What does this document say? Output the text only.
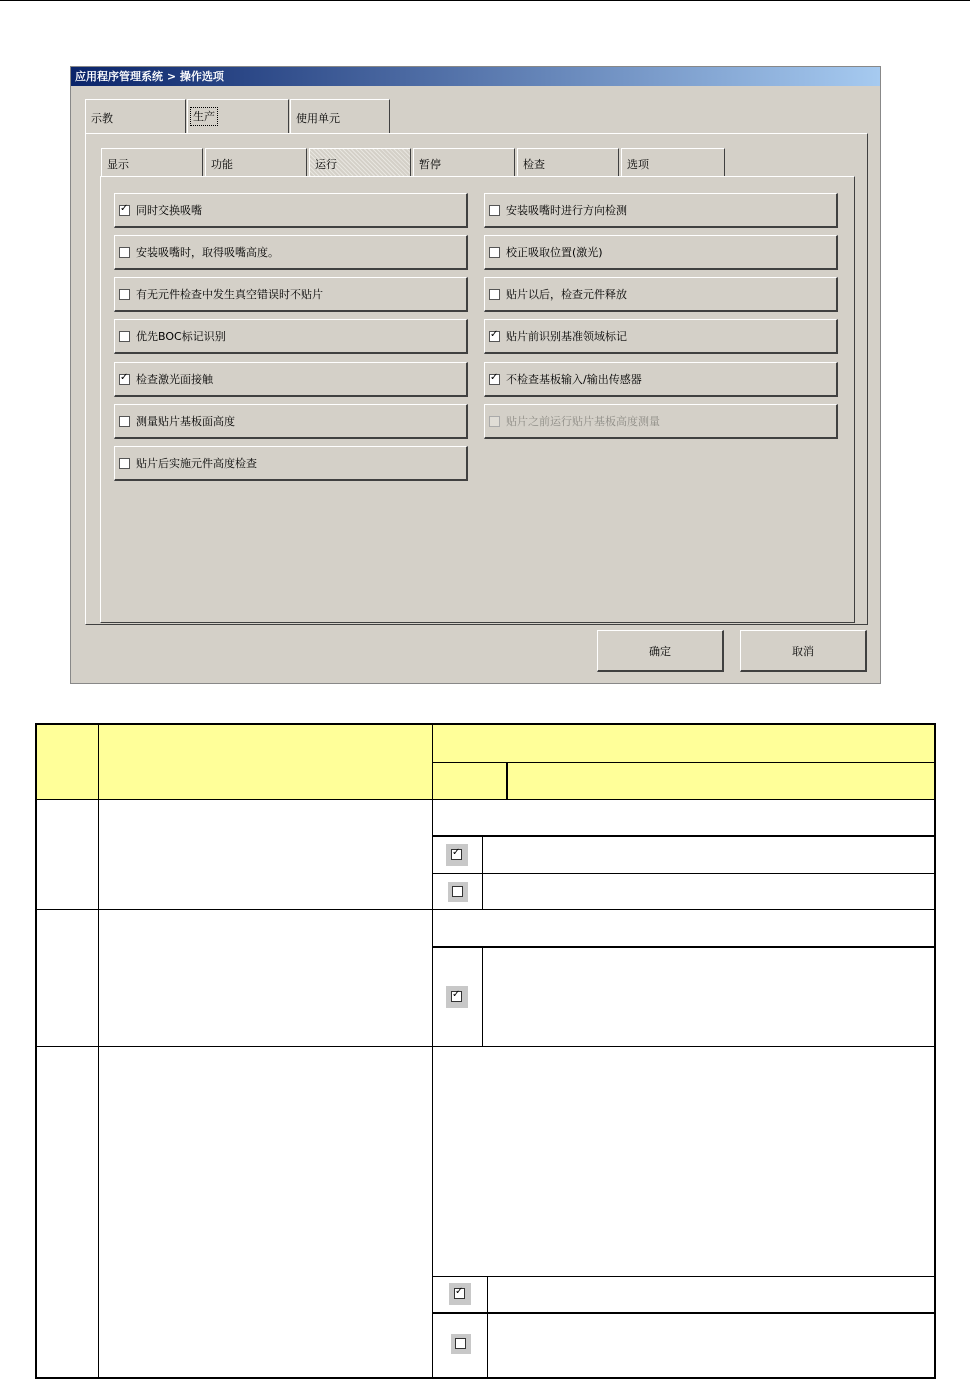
应用程序管理系统 > 操作选项
示教	生产	使用单元
显示	功能	运行	暂停	检查	选项
✓
同时交换吸嘴
安装吸嘴时，取得吸嘴高度。
有无元件检查中发生真空错误时不贴片
优先BOC标记识别
✓
检查激光面接触
测量贴片基板面高度
贴片后实施元件高度检查
安装吸嘴时进行方向检测
校正吸取位置(激光)
贴片以后，检查元件释放
✓
贴片前识别基准领域标记
✓
不检查基板输入/输出传感器
贴片之前运行贴片基板高度测量
确定	取消
✓
✓
✓
